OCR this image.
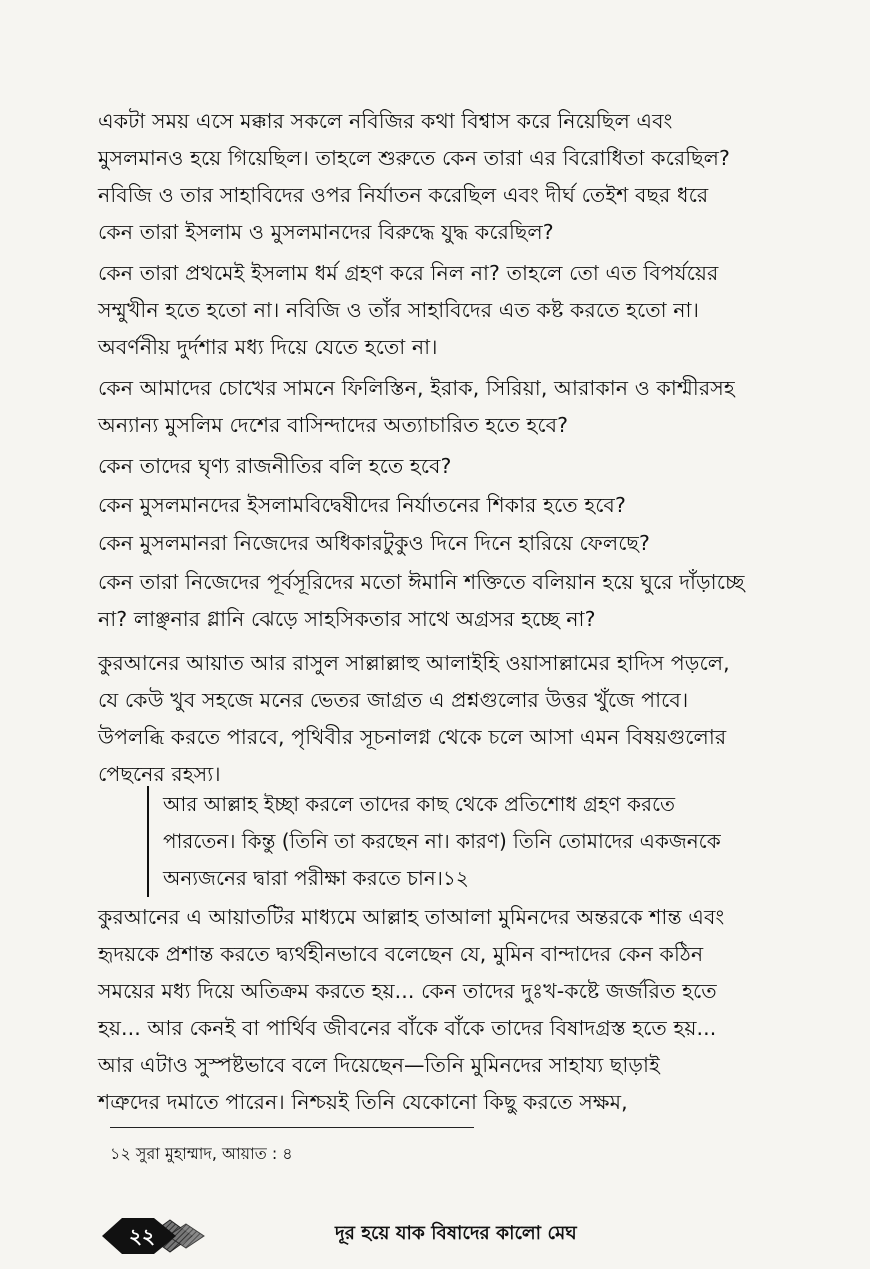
একটা সময় এসে মক্কার সকলে নবিজির কথা বিশ্বাস করে নিয়েছিল এবং
মুসলমানও হয়ে গিয়েছিল। তাহলে শুরুতে কেন তারা এর বিরোধিতা করেছিল?
নবিজি ও তার সাহাবিদের ওপর নির্যাতন করেছিল এবং দীর্ঘ তেইশ বছর ধরে
কেন তারা ইসলাম ও মুসলমানদের বিরুদ্ধে যুদ্ধ করেছিল?
কেন তারা প্রথমেই ইসলাম ধর্ম গ্রহণ করে নিল না? তাহলে তো এত বিপর্যয়ের
সম্মুখীন হতে হতো না। নবিজি ও তাঁর সাহাবিদের এত কষ্ট করতে হতো না।
অবর্ণনীয় দুর্দশার মধ্য দিয়ে যেতে হতো না।
কেন আমাদের চোখের সামনে ফিলিস্তিন, ইরাক, সিরিয়া, আরাকান ও কাশ্মীরসহ
অন্যান্য মুসলিম দেশের বাসিন্দাদের অত্যাচারিত হতে হবে?
কেন তাদের ঘৃণ্য রাজনীতির বলি হতে হবে?
কেন মুসলমানদের ইসলামবিদ্বেষীদের নির্যাতনের শিকার হতে হবে?
কেন মুসলমানরা নিজেদের অধিকারটুকুও দিনে দিনে হারিয়ে ফেলছে?
কেন তারা নিজেদের পূর্বসূরিদের মতো ঈমানি শক্তিতে বলিয়ান হয়ে ঘুরে দাঁড়াচ্ছে
না? লাঞ্ছনার গ্লানি ঝেড়ে সাহসিকতার সাথে অগ্রসর হচ্ছে না?
কুরআনের আয়াত আর রাসুল সাল্লাল্লাহু আলাইহি ওয়াসাল্লামের হাদিস পড়লে,
যে কেউ খুব সহজে মনের ভেতর জাগ্রত এ প্রশ্নগুলোর উত্তর খুঁজে পাবে।
উপলব্ধি করতে পারবে, পৃথিবীর সূচনালগ্ন থেকে চলে আসা এমন বিষয়গুলোর
পেছনের রহস্য।
আর আল্লাহ ইচ্ছা করলে তাদের কাছ থেকে প্রতিশোধ গ্রহণ করতে
পারতেন। কিন্তু (তিনি তা করছেন না। কারণ) তিনি তোমাদের একজনকে
অন্যজনের দ্বারা পরীক্ষা করতে চান।১২
কুরআনের এ আয়াতটির মাধ্যমে আল্লাহ তাআলা মুমিনদের অন্তরকে শান্ত এবং
হৃদয়কে প্রশান্ত করতে দ্ব্যর্থহীনভাবে বলেছেন যে, মুমিন বান্দাদের কেন কঠিন
সময়ের মধ্য দিয়ে অতিক্রম করতে হয়... কেন তাদের দুঃখ-কষ্টে জর্জরিত হতে
হয়... আর কেনই বা পার্থিব জীবনের বাঁকে বাঁকে তাদের বিষাদগ্রস্ত হতে হয়...
আর এটাও সুস্পষ্টভাবে বলে দিয়েছেন—তিনি মুমিনদের সাহায্য ছাড়াই
শত্রুদের দমাতে পারেন। নিশ্চয়ই তিনি যেকোনো কিছু করতে সক্ষম,
১২ সুরা মুহাম্মাদ, আয়াত : ৪
২২	দূর হয়ে যাক বিষাদের কালো মেঘ
